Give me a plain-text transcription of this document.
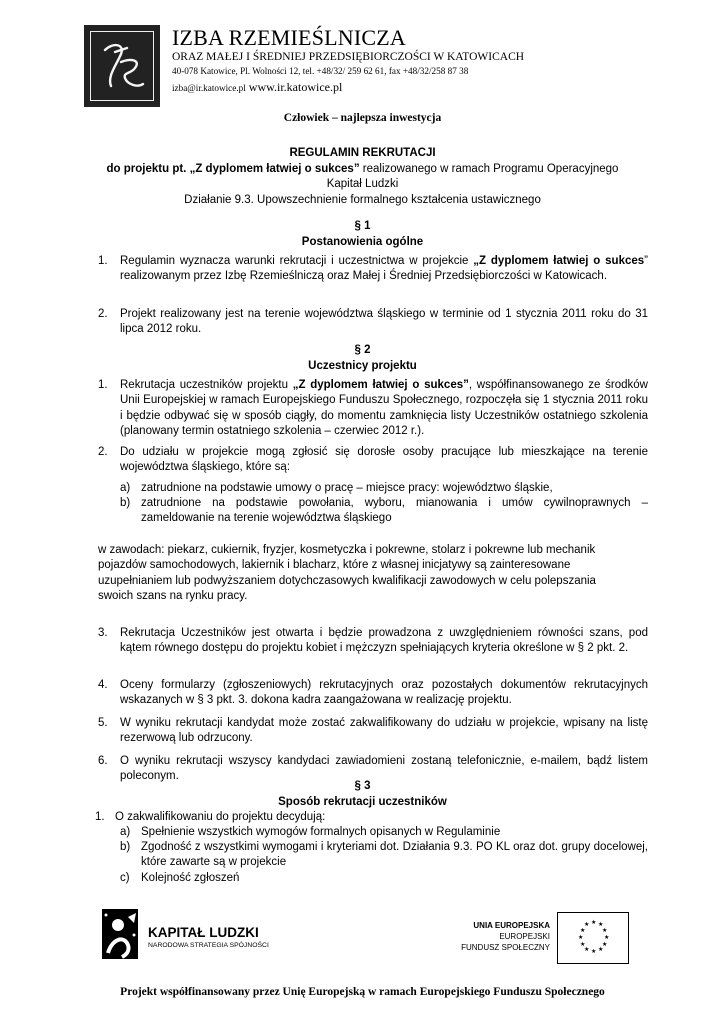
IZBA RZEMIEŚLNICZA
ORAZ MAŁEJ I ŚREDNIEJ PRZEDSIĘBIORCZOŚCI W KATOWICACH
40-078 Katowice, Pl. Wolności 12, tel. +48/32/ 259 62 61, fax +48/32/258 87 38
izba@ir.katowice.pl www.ir.katowice.pl
Człowiek – najlepsza inwestycja
REGULAMIN REKRUTACJI
do projektu pt. „Z dyplomem łatwiej o sukces” realizowanego w ramach Programu Operacyjnego
Kapitał Ludzki
Działanie 9.3. Upowszechnienie formalnego kształcenia ustawicznego
§ 1
Postanowienia ogólne
1. Regulamin wyznacza warunki rekrutacji i uczestnictwa w projekcie „Z dyplomem łatwiej o sukces” realizowanym przez Izbę Rzemieślniczą oraz Małej i Średniej Przedsiębiorczości w Katowicach.
2. Projekt realizowany jest na terenie województwa śląskiego w terminie od 1 stycznia 2011 roku do 31 lipca 2012 roku.
§ 2
Uczestnicy projektu
1. Rekrutacja uczestników projektu „Z dyplomem łatwiej o sukces”, współfinansowanego ze środków Unii Europejskiej w ramach Europejskiego Funduszu Społecznego, rozpoczęła się 1 stycznia 2011 roku i będzie odbywać się w sposób ciągły, do momentu zamknięcia listy Uczestników ostatniego szkolenia (planowany termin ostatniego szkolenia – czerwiec 2012 r.).
2. Do udziału w projekcie mogą zgłosić się dorosłe osoby pracujące lub mieszkające na terenie województwa śląskiego, które są:
a) zatrudnione na podstawie umowy o pracę – miejsce pracy: województwo śląskie,
b) zatrudnione na podstawie powołania, wyboru, mianowania i umów cywilnoprawnych – zameldowanie na terenie województwa śląskiego
w zawodach: piekarz, cukiernik, fryzjer, kosmetyczka i pokrewne, stolarz i pokrewne lub mechanik pojazdów samochodowych, lakiernik i blacharz, które z własnej inicjatywy są zainteresowane uzupełnianiem lub podwyższaniem dotychczasowych kwalifikacji zawodowych w celu polepszania swoich szans na rynku pracy.
3. Rekrutacja Uczestników jest otwarta i będzie prowadzona z uwzględnieniem równości szans, pod kątem równego dostępu do projektu kobiet i mężczyzn spełniających kryteria określone w § 2 pkt. 2.
4. Oceny formularzy (zgłoszeniowych) rekrutacyjnych oraz pozostałych dokumentów rekrutacyjnych wskazanych w § 3 pkt. 3. dokona kadra zaangażowana w realizację projektu.
5. W wyniku rekrutacji kandydat może zostać zakwalifikowany do udziału w projekcie, wpisany na listę rezerwową lub odrzucony.
6. O wyniku rekrutacji wszyscy kandydaci zawiadomieni zostaną telefonicznie, e-mailem, bądź listem poleconym.
§ 3
Sposób rekrutacji uczestników
1. O zakwalifikowaniu do projektu decydują:
a) Spełnienie wszystkich wymogów formalnych opisanych w Regulaminie
b) Zgodność z wszystkimi wymogami i kryteriami dot. Działania 9.3. PO KL oraz dot. grupy docelowej, które zawarte są w projekcie
c) Kolejność zgłoszeń
KAPITAŁ LUDZKI
NARODOWA STRATEGIA SPÓJNOŚCI
UNIA EUROPEJSKA
EUROPEJSKI
FUNDUSZ SPOŁECZNY
★ ★
★
★
★
★
★
★
★
★
★
★
Projekt współfinansowany przez Unię Europejską w ramach Europejskiego Funduszu Społecznego
